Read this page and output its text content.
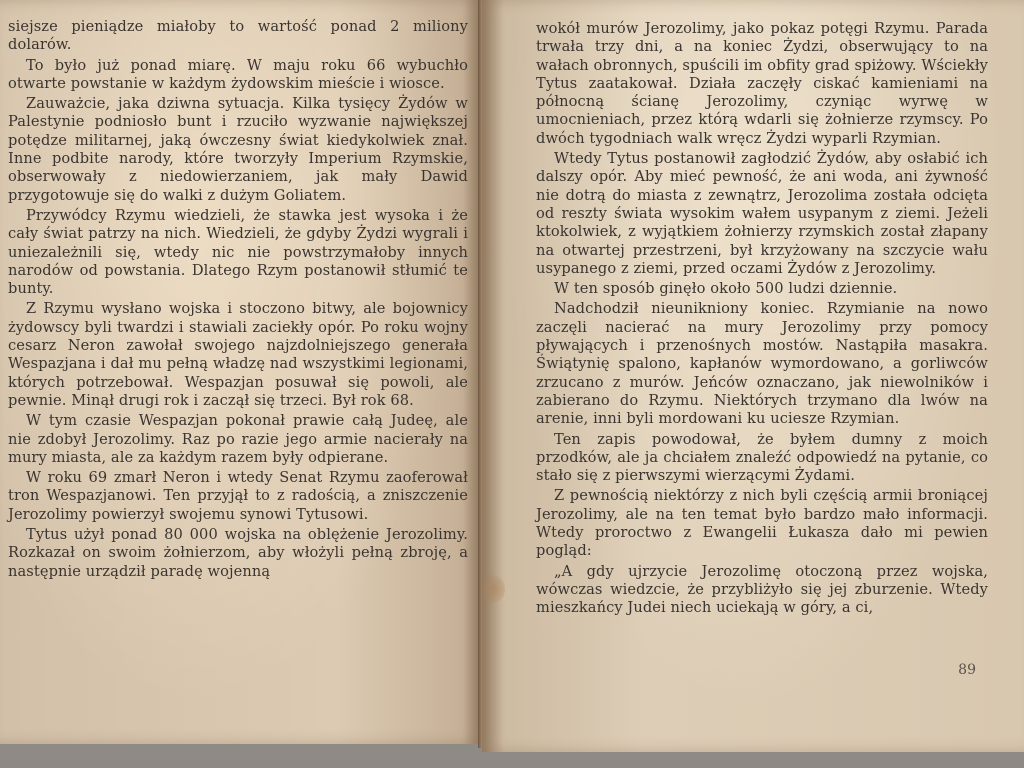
siejsze pieniądze miałoby to wartość ponad 2 miliony dolarów.

To było już ponad miarę. W maju roku 66 wybuchło otwarte powstanie w każdym żydowskim mieście i wiosce.

Zauważcie, jaka dziwna sytuacja. Kilka tysięcy Żydów w Palestynie podniosło bunt i rzuciło wyzwanie największej potędze militarnej, jaką ówczesny świat kiedykolwiek znał. Inne podbite narody, które tworzyły Imperium Rzymskie, obserwowały z niedowierzaniem, jak mały Dawid przygotowuje się do walki z dużym Goliatem.

Przywódcy Rzymu wiedzieli, że stawka jest wysoka i że cały świat patrzy na nich. Wiedzieli, że gdyby Żydzi wygrali i uniezależnili się, wtedy nic nie powstrzymałoby innych narodów od powstania. Dlatego Rzym postanowił stłumić te bunty.

Z Rzymu wysłano wojska i stoczono bitwy, ale bojownicy żydowscy byli twardzi i stawiali zaciekły opór. Po roku wojny cesarz Neron zawołał swojego najzdolniejszego generała Wespazjana i dał mu pełną władzę nad wszystkimi legionami, których potrzebował. Wespazjan posuwał się powoli, ale pewnie. Minął drugi rok i zaczął się trzeci. Był rok 68.

W tym czasie Wespazjan pokonał prawie całą Judeę, ale nie zdobył Jerozolimy. Raz po razie jego armie nacierały na mury miasta, ale za każdym razem były odpierane.

W roku 69 zmarł Neron i wtedy Senat Rzymu zaoferował tron Wespazjanowi. Ten przyjął to z radością, a zniszczenie Jerozolimy powierzył swojemu synowi Tytusowi.

Tytus użył ponad 80 000 wojska na oblężenie Jerozolimy. Rozkazał on swoim żołnierzom, aby włożyli pełną zbroję, a następnie urządził paradę wojenną

wokół murów Jerozolimy, jako pokaz potęgi Rzymu. Parada trwała trzy dni, a na koniec Żydzi, obserwujący to na wałach obronnych, spuścili im obfity grad spiżowy. Wściekły Tytus zaatakował. Działa zaczęły ciskać kamieniami na północną ścianę Jerozolimy, czyniąc wyrwę w umocnieniach, przez którą wdarli się żołnierze rzymscy. Po dwóch tygodniach walk wręcz Żydzi wyparli Rzymian.

Wtedy Tytus postanowił zagłodzić Żydów, aby osłabić ich dalszy opór. Aby mieć pewność, że ani woda, ani żywność nie dotrą do miasta z zewnątrz, Jerozolima została odcięta od reszty świata wysokim wałem usypanym z ziemi. Jeżeli ktokolwiek, z wyjątkiem żołnierzy rzymskich został złapany na otwartej przestrzeni, był krzyżowany na szczycie wału usypanego z ziemi, przed oczami Żydów z Jerozolimy.

W ten sposób ginęło około 500 ludzi dziennie.

Nadchodził nieunikniony koniec. Rzymianie na nowo zaczęli nacierać na mury Jerozolimy przy pomocy pływających i przenośnych mostów. Nastąpiła masakra. Świątynię spalono, kapłanów wymordowano, a gorliwców zrzucano z murów. Jeńców oznaczano, jak niewolników i zabierano do Rzymu. Niektórych trzymano dla lwów na arenie, inni byli mordowani ku uciesze Rzymian.

Ten zapis powodował, że byłem dumny z moich przodków, ale ja chciałem znaleźć odpowiedź na pytanie, co stało się z pierwszymi wierzącymi Żydami.

Z pewnością niektórzy z nich byli częścią armii broniącej Jerozolimy, ale na ten temat było bardzo mało informacji. Wtedy proroctwo z Ewangelii Łukasza dało mi pewien pogląd:

„A gdy ujrzycie Jerozolimę otoczoną przez wojska, wówczas wiedzcie, że przybliżyło się jej zburzenie. Wtedy mieszkańcy Judei niech uciekają w góry, a ci,

89
